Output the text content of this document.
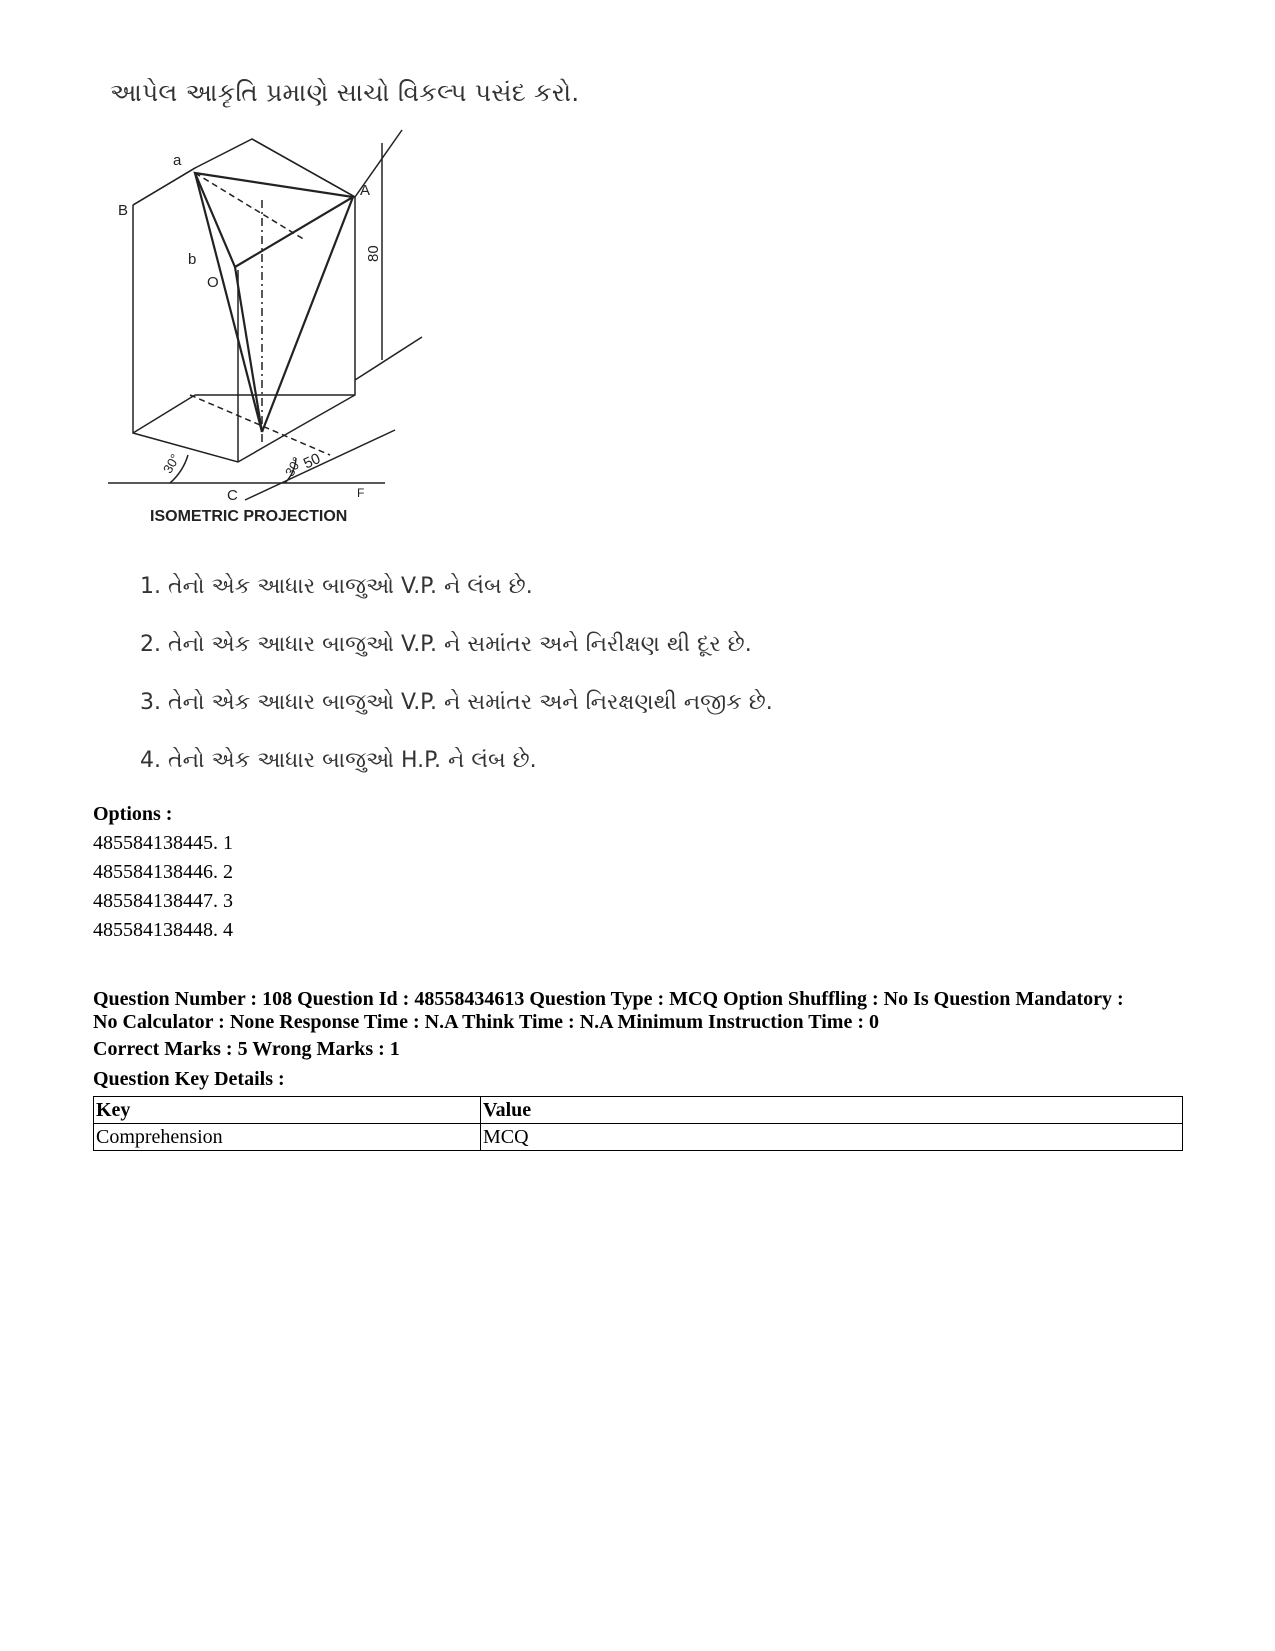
આપેલ આકૃતિ પ્રમાણે સાચો વિકલ્પ પસંદ કરો.
a
A
B
b
O
80
30°	30°
50
C	F
ISOMETRIC PROJECTION
1. તેનો એક આધાર બાજુઓ V.P. ને લંબ છે.
2. તેનો એક આધાર બાજુઓ V.P. ને સમાંતર અને નિરીક્ષણ થી દૂર છે.
3. તેનો એક આધાર બાજુઓ V.P. ને સમાંતર અને નિરક્ષણથી નજીક છે.
4. તેનો એક આધાર બાજુઓ H.P. ને લંબ છે.
Options :
485584138445. 1
485584138446. 2
485584138447. 3
485584138448. 4
Question Number : 108 Question Id : 48558434613 Question Type : MCQ Option Shuffling : No Is Question Mandatory :
No Calculator : None Response Time : N.A Think Time : N.A Minimum Instruction Time : 0
Correct Marks : 5 Wrong Marks : 1
Question Key Details :
Key	Value
Comprehension	MCQ
